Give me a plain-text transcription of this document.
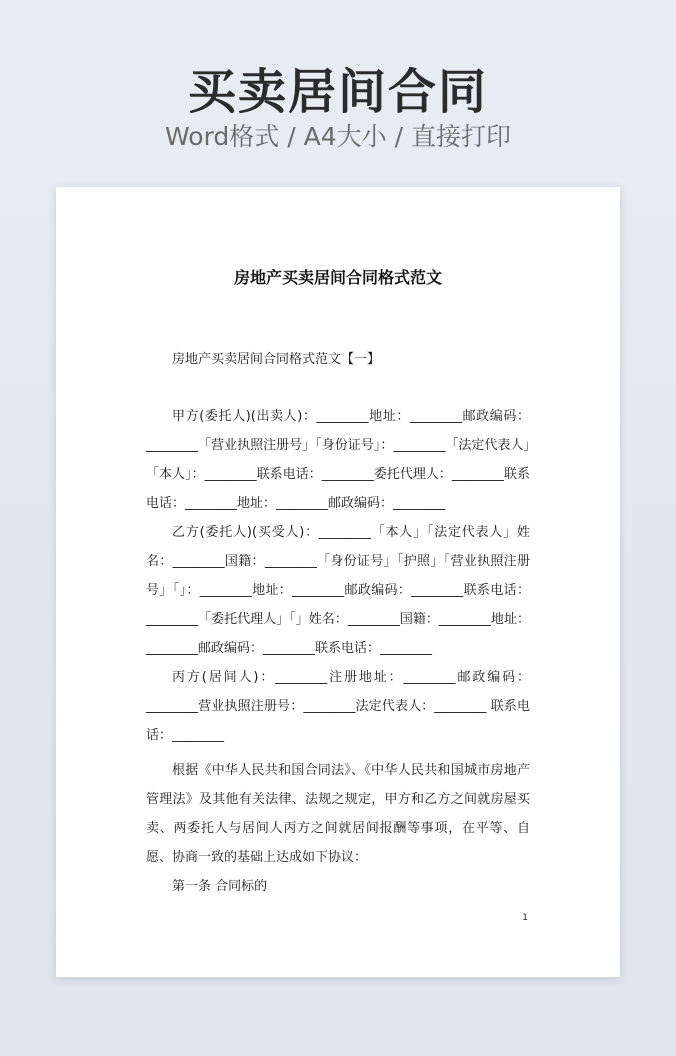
买卖居间合同
Word格式 / A4大小 / 直接打印
房地产买卖居间合同格式范文

房地产买卖居间合同格式范文【一】

甲方(委托人)(出卖人)：________地址：________邮政编码：________「营业执照注册号」「身份证号」：________「法定代表人」「本人」：________联系电话：________委托代理人：________联系电话：________地址：________邮政编码：________

乙方(委托人)(买受人)：________「本人」「法定代表人」姓名：________国籍：________「身份证号」「护照」「营业执照注册号」「」：________地址：________邮政编码：________联系电话：________「委托代理人」「」姓名：________国籍：________地址：________邮政编码：________联系电话：________

丙方(居间人)：________注册地址：________邮政编码：________营业执照注册号：________法定代表人：________ 联系电话：________

根据《中华人民共和国合同法》、《中华人民共和国城市房地产管理法》及其他有关法律、法规之规定，甲方和乙方之间就房屋买卖、两委托人与居间人丙方之间就居间报酬等事项，在平等、自愿、协商一致的基础上达成如下协议：

第一条 合同标的

1
